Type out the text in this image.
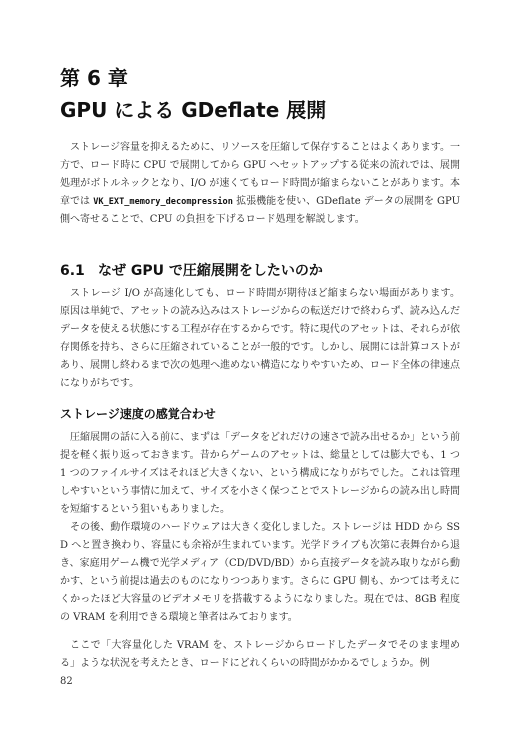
第 6 章
GPU による GDeflate 展開

ストレージ容量を抑えるために、リソースを圧縮して保存することはよくあります。一方で、ロード時に CPU で展開してから GPU へセットアップする従来の流れでは、展開処理がボトルネックとなり、I/O が速くてもロード時間が縮まらないことがあります。本章では VK_EXT_memory_decompression 拡張機能を使い、GDeflate データの展開を GPU 側へ寄せることで、CPU の負担を下げるロード処理を解説します。

6.1 なぜ GPU で圧縮展開をしたいのか

ストレージ I/O が高速化しても、ロード時間が期待ほど縮まらない場面があります。原因は単純で、アセットの読み込みはストレージからの転送だけで終わらず、読み込んだデータを使える状態にする工程が存在するからです。特に現代のアセットは、それらが依存関係を持ち、さらに圧縮されていることが一般的です。しかし、展開には計算コストがあり、展開し終わるまで次の処理へ進めない構造になりやすいため、ロード全体の律速点になりがちです。

ストレージ速度の感覚合わせ

圧縮展開の話に入る前に、まずは「データをどれだけの速さで読み出せるか」という前提を軽く振り返っておきます。昔からゲームのアセットは、総量としては膨大でも、1 つ 1 つのファイルサイズはそれほど大きくない、という構成になりがちでした。これは管理しやすいという事情に加えて、サイズを小さく保つことでストレージからの読み出し時間を短縮するという狙いもありました。

その後、動作環境のハードウェアは大きく変化しました。ストレージは HDD から SSD へと置き換わり、容量にも余裕が生まれています。光学ドライブも次第に表舞台から退き、家庭用ゲーム機で光学メディア（CD/DVD/BD）から直接データを読み取りながら動かす、という前提は過去のものになりつつあります。さらに GPU 側も、かつては考えにくかったほど大容量のビデオメモリを搭載するようになりました。現在では、8GB 程度の VRAM を利用できる環境と筆者はみております。

ここで「大容量化した VRAM を、ストレージからロードしたデータでそのまま埋める」ような状況を考えたとき、ロードにどれくらいの時間がかかるでしょうか。例

82
